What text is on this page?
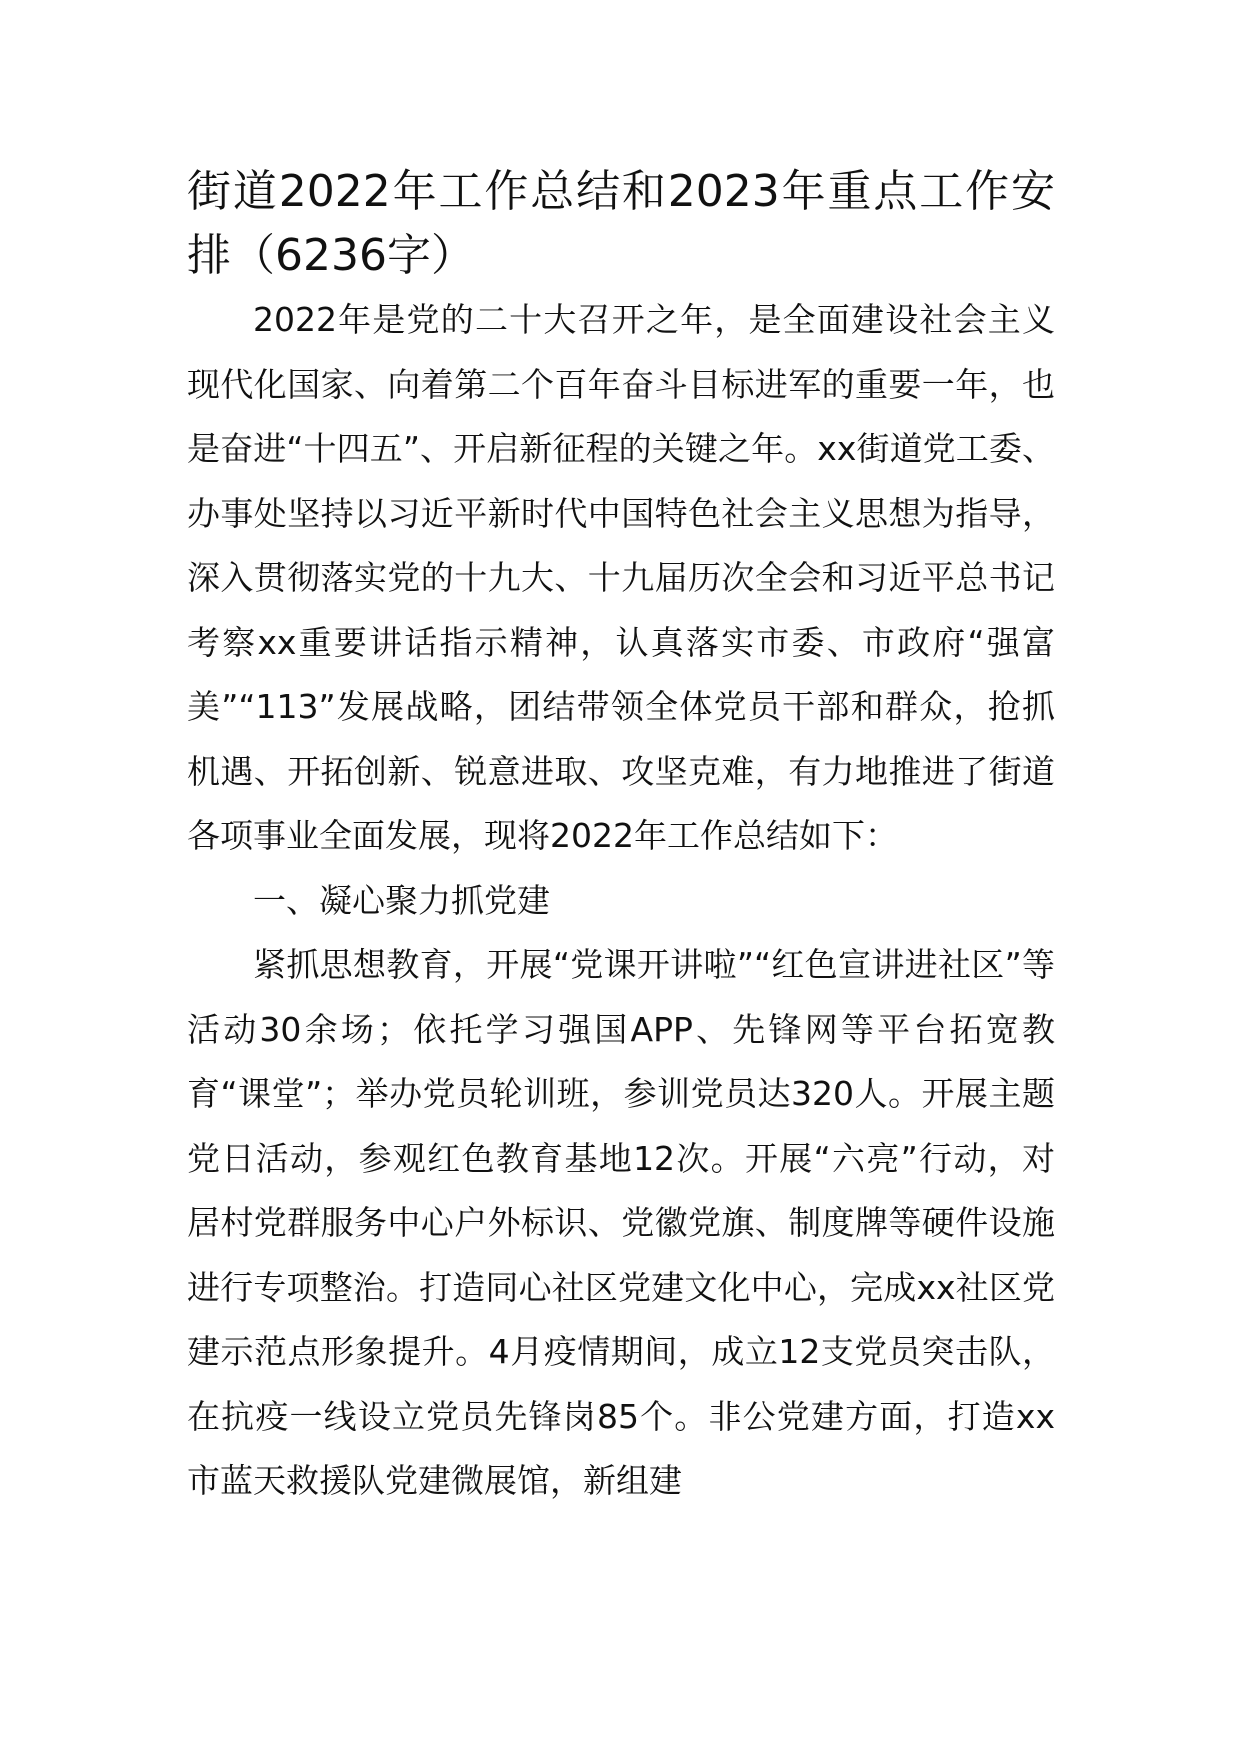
街道2022年工作总结和2023年重点工作安排（6236字）

2022年是党的二十大召开之年，是全面建设社会主义现代化国家、向着第二个百年奋斗目标进军的重要一年，也是奋进“十四五”、开启新征程的关键之年。xx街道党工委、办事处坚持以习近平新时代中国特色社会主义思想为指导，深入贯彻落实党的十九大、十九届历次全会和习近平总书记考察xx重要讲话指示精神，认真落实市委、市政府“强富美”“113”发展战略，团结带领全体党员干部和群众，抢抓机遇、开拓创新、锐意进取、攻坚克难，有力地推进了街道各项事业全面发展，现将2022年工作总结如下：

一、凝心聚力抓党建

紧抓思想教育，开展“党课开讲啦”“红色宣讲进社区”等活动30余场；依托学习强国APP、先锋网等平台拓宽教育“课堂”；举办党员轮训班，参训党员达320人。开展主题党日活动，参观红色教育基地12次。开展“六亮”行动，对居村党群服务中心户外标识、党徽党旗、制度牌等硬件设施进行专项整治。打造同心社区党建文化中心，完成xx社区党建示范点形象提升。4月疫情期间，成立12支党员突击队，在抗疫一线设立党员先锋岗85个。非公党建方面，打造xx市蓝天救援队党建微展馆，新组建
